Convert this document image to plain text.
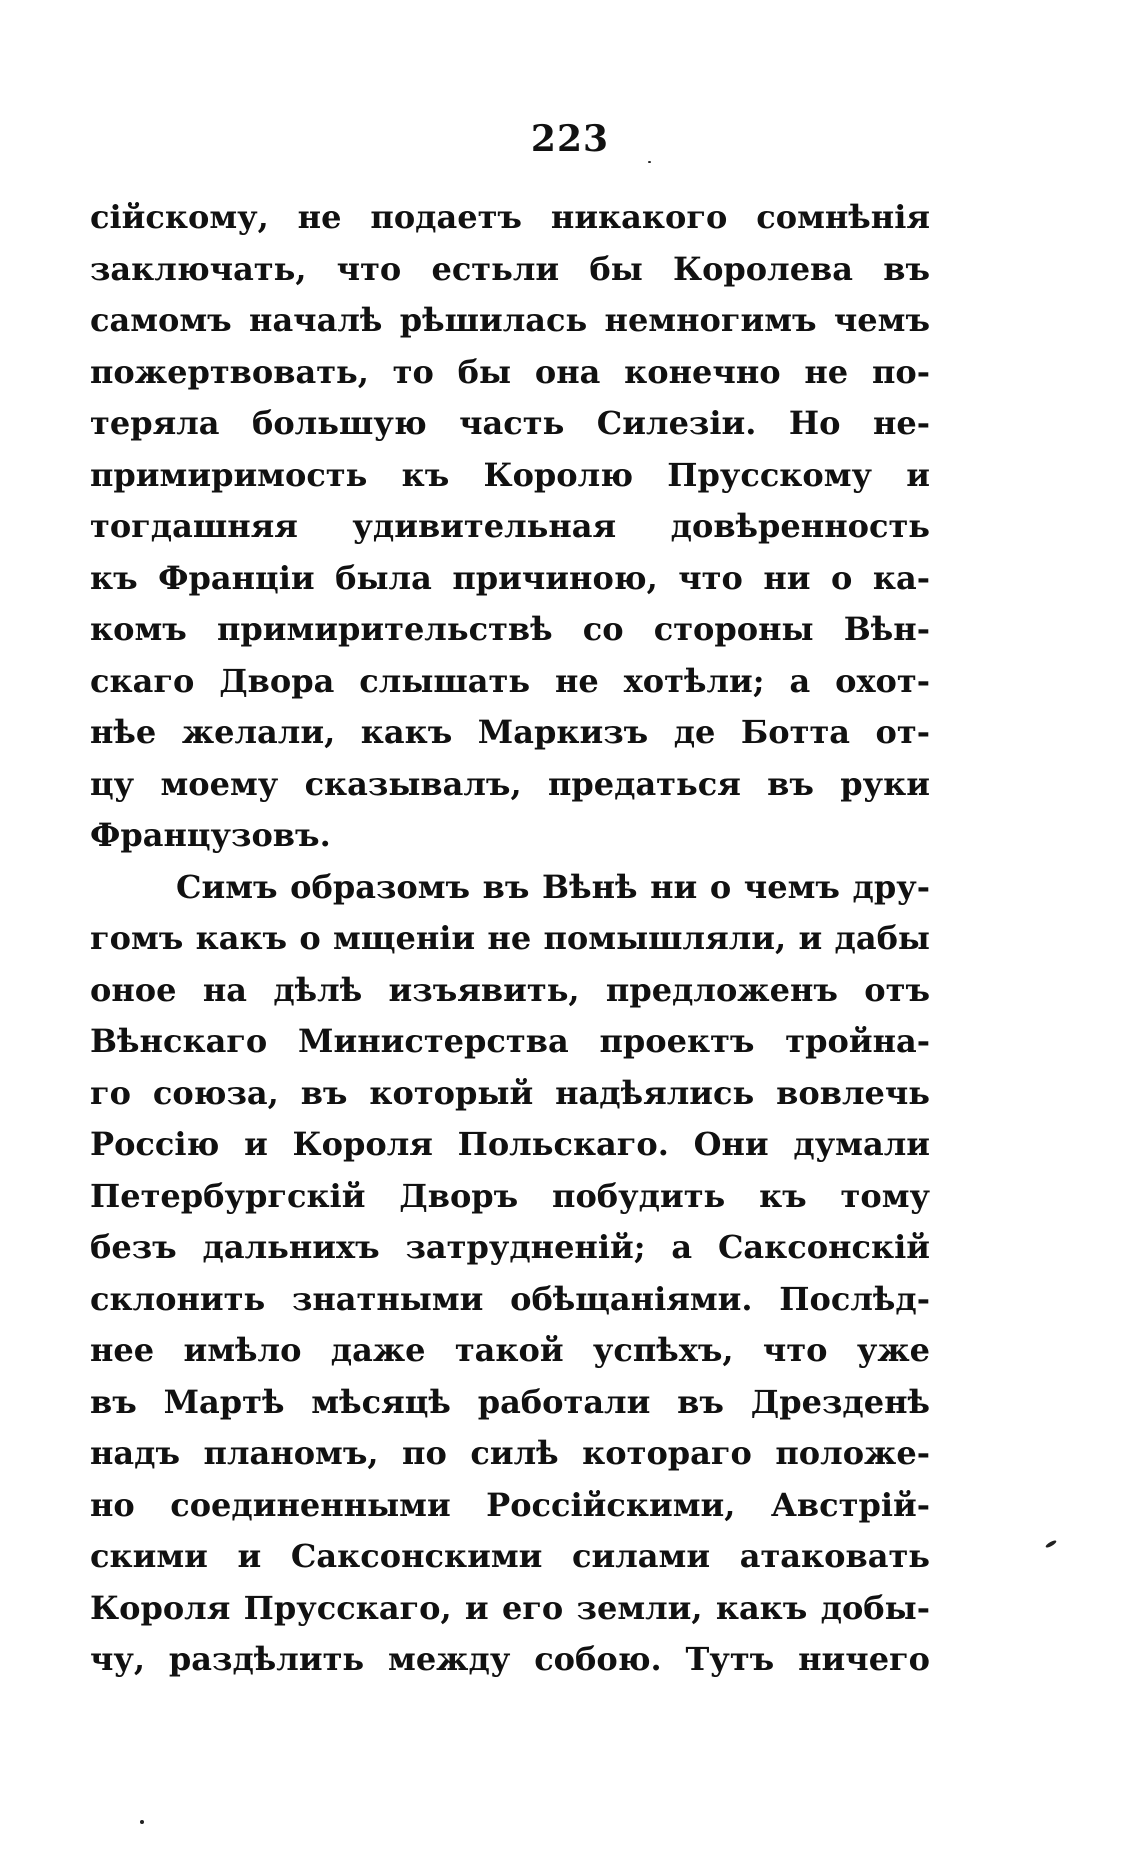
223
сійскому, не подаетъ никакого сомнѣнія
заключать, что естьли бы Королева въ
самомъ началѣ рѣшилась немногимъ чемъ
пожертвовать, то бы она конечно не по-
теряла большую часть Силезіи. Но не-
примиримость къ Королю Прусскому и
тогдашняя удивительная довѣренность
къ Франціи была причиною, что ни о ка-
комъ примирительствѣ со стороны Вѣн-
скаго Двора слышать не хотѣли; а охот-
нѣе желали, какъ Маркизъ де Ботта от-
цу моему сказывалъ, предаться въ руки
Французовъ.
Симъ образомъ въ Вѣнѣ ни о чемъ дру-
гомъ какъ о мщеніи не помышляли, и дабы
оное на дѣлѣ изъявить, предложенъ отъ
Вѣнскаго Министерства проектъ тройна-
го союза, въ который надѣялись вовлечь
Россію и Короля Польскаго. Они думали
Петербургскій Дворъ побудить къ тому
безъ дальнихъ затрудненій; а Саксонскій
склонить знатными обѣщаніями. Послѣд-
нее имѣло даже такой успѣхъ, что уже
въ Мартѣ мѣсяцѣ работали въ Дрезденѣ
надъ планомъ, по силѣ котораго положе-
но соединенными Россійскими, Австрій-
скими и Саксонскими силами атаковать
Короля Прусскаго, и его земли, какъ добы-
чу, раздѣлить между собою. Тутъ ничего
